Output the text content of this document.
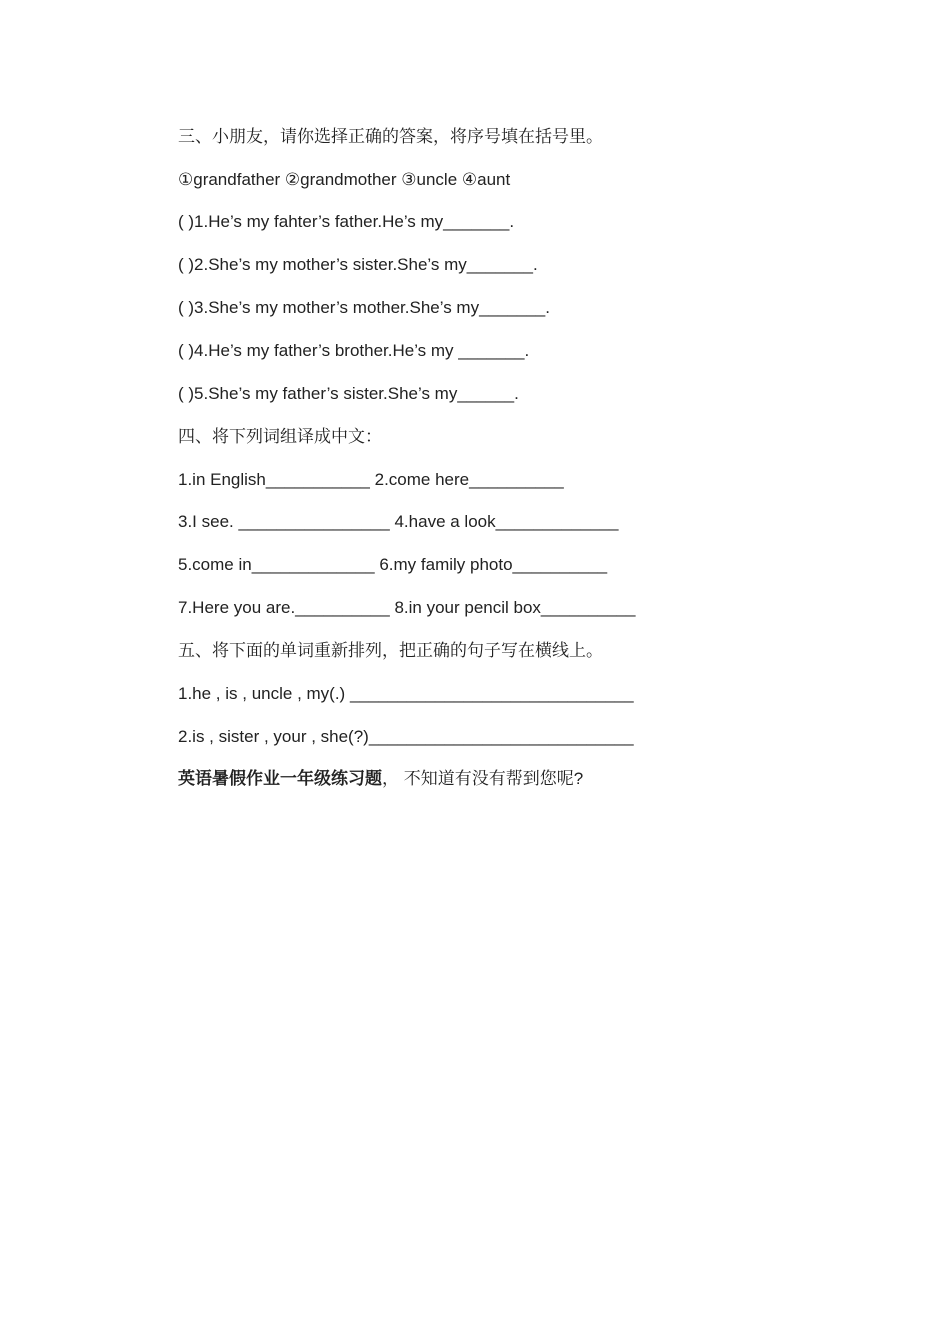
三、小朋友，请你选择正确的答案，将序号填在括号里。
①grandfather ②grandmother ③uncle ④aunt
( )1.He’s my fahter’s father.He’s my_______.
( )2.She’s my mother’s sister.She’s my_______.
( )3.She’s my mother’s mother.She’s my_______.
( )4.He’s my father’s brother.He’s my _______.
( )5.She’s my father’s sister.She’s my______.
四、将下列词组译成中文：
1.in English___________ 2.come here__________
3.I see. ________________ 4.have a look_____________
5.come in_____________ 6.my family photo__________
7.Here you are.__________ 8.in your pencil box__________
五、将下面的单词重新排列，把正确的句子写在横线上。
1.he , is , uncle , my(.) ______________________________
2.is , sister , your , she(?)____________________________
英语暑假作业一年级练习题， 不知道有没有帮到您呢?
